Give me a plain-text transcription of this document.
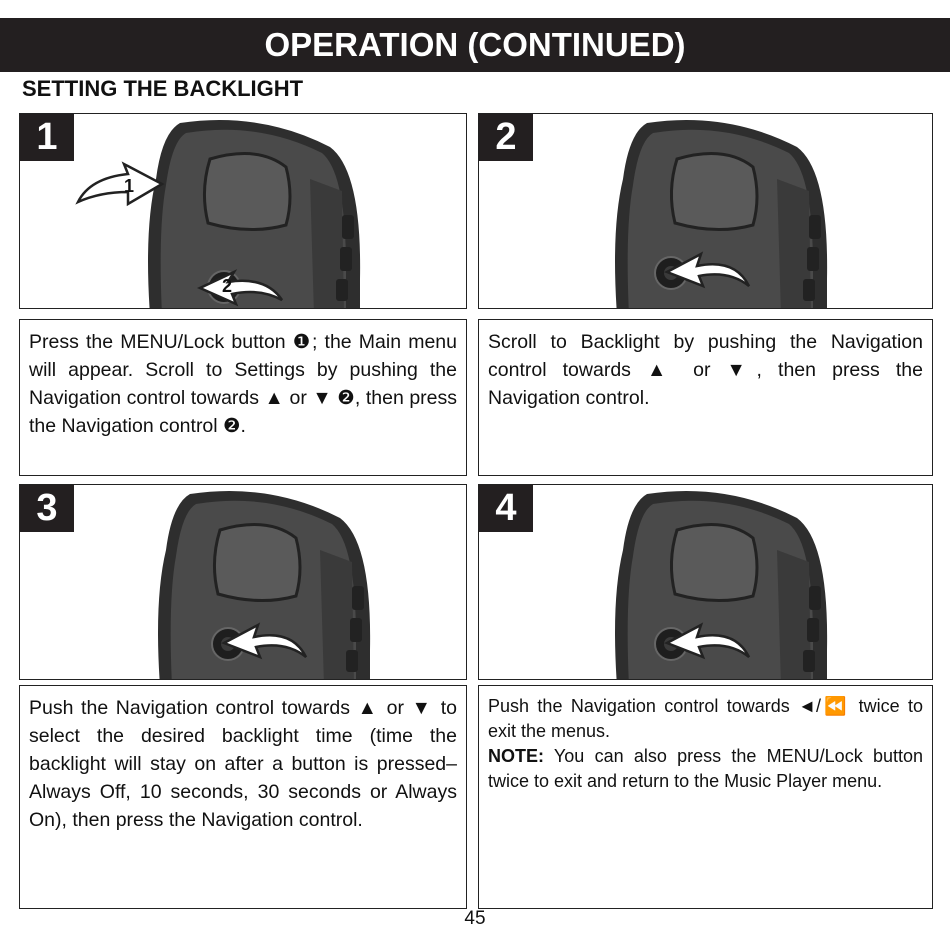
OPERATION (CONTINUED)
SETTING THE BACKLIGHT
1
2
1	2

Press the MENU/Lock button ❶; the Main menu will appear. Scroll to Settings by pushing the Navigation control towards ▲ or ▼ ❷, then press the Navigation control ❷.

Scroll to Backlight by pushing the Navigation control towards ▲ or ▼, then press the Navigation control.

3	4

Push the Navigation control towards ▲ or ▼ to select the desired backlight time (time the backlight will stay on after a button is pressed–Always Off, 10 seconds, 30 seconds or Always On), then press the Navigation control.

Push the Navigation control towards ◄/⏪ twice to exit the menus.

NOTE: You can also press the MENU/Lock button twice to exit and return to the Music Player menu.

45
